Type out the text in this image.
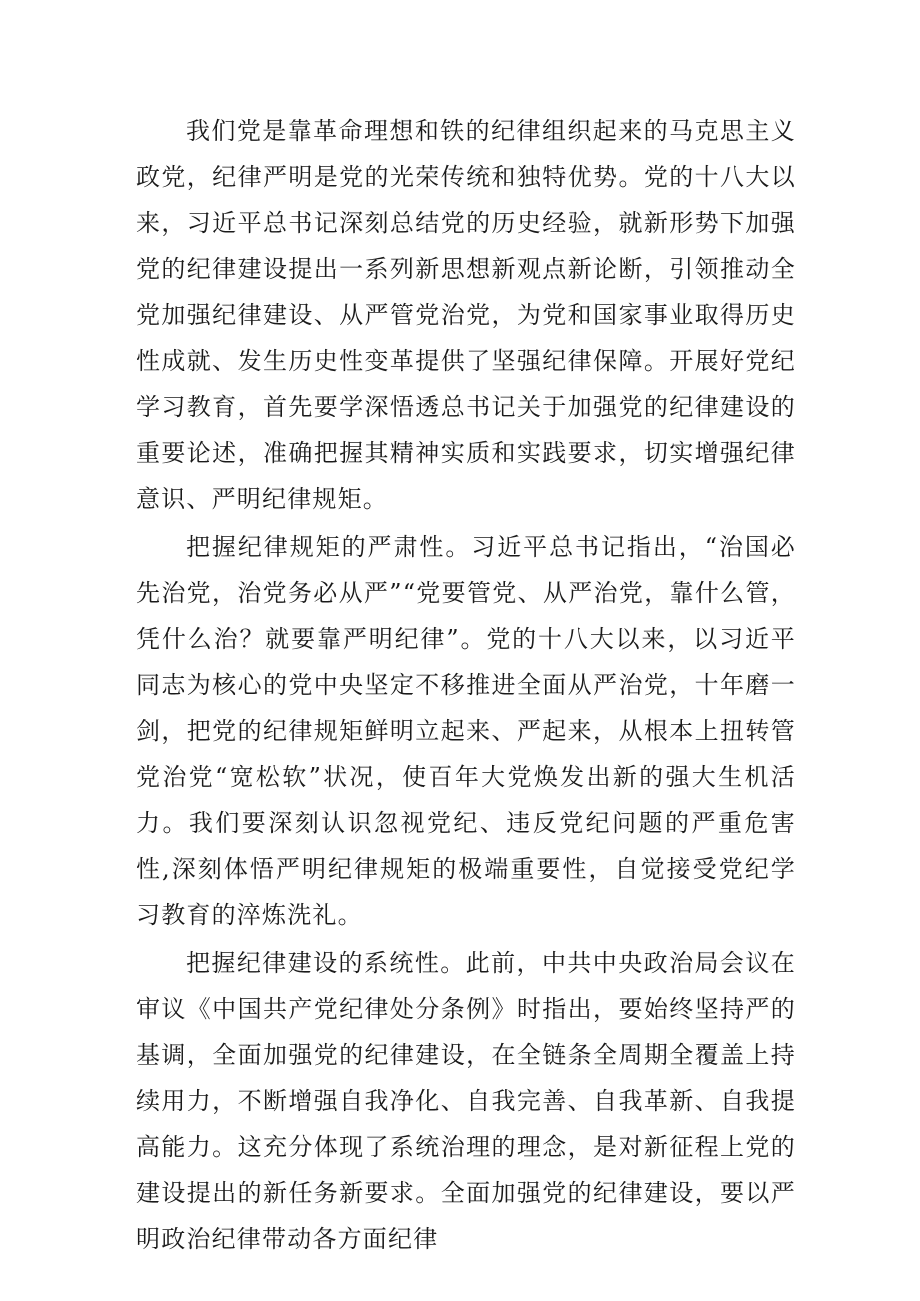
我们党是靠革命理想和铁的纪律组织起来的马克思主义政党，纪律严明是党的光荣传统和独特优势。党的十八大以来，习近平总书记深刻总结党的历史经验，就新形势下加强党的纪律建设提出一系列新思想新观点新论断，引领推动全党加强纪律建设、从严管党治党，为党和国家事业取得历史性成就、发生历史性变革提供了坚强纪律保障。开展好党纪学习教育，首先要学深悟透总书记关于加强党的纪律建设的重要论述，准确把握其精神实质和实践要求，切实增强纪律意识、严明纪律规矩。

把握纪律规矩的严肃性。习近平总书记指出，“治国必先治党，治党务必从严”“党要管党、从严治党，靠什么管，凭什么治？就要靠严明纪律”。党的十八大以来，以习近平同志为核心的党中央坚定不移推进全面从严治党，十年磨一剑，把党的纪律规矩鲜明立起来、严起来，从根本上扭转管党治党“宽松软”状况，使百年大党焕发出新的强大生机活力。我们要深刻认识忽视党纪、违反党纪问题的严重危害性,深刻体悟严明纪律规矩的极端重要性，自觉接受党纪学习教育的淬炼洗礼。

把握纪律建设的系统性。此前，中共中央政治局会议在审议《中国共产党纪律处分条例》时指出，要始终坚持严的基调，全面加强党的纪律建设，在全链条全周期全覆盖上持续用力，不断增强自我净化、自我完善、自我革新、自我提高能力。这充分体现了系统治理的理念，是对新征程上党的建设提出的新任务新要求。全面加强党的纪律建设，要以严明政治纪律带动各方面纪律
